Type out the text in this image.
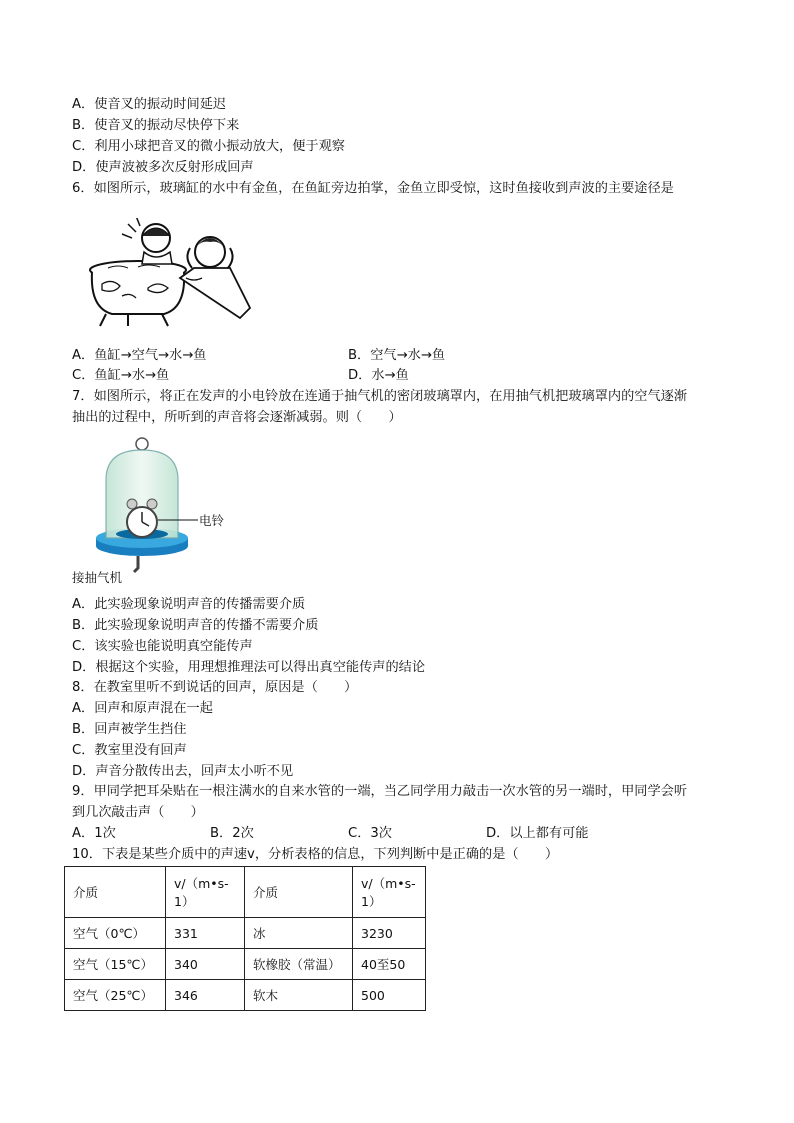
A．使音叉的振动时间延迟
B．使音叉的振动尽快停下来
C．利用小球把音叉的微小振动放大，便于观察
D．使声波被多次反射形成回声
6．如图所示，玻璃缸的水中有金鱼，在鱼缸旁边拍掌，金鱼立即受惊，这时鱼接收到声波的主要途径是
A．鱼缸→空气→水→鱼	B．空气→水→鱼
C．鱼缸→水→鱼	D．水→鱼
7．如图所示，将正在发声的小电铃放在连通于抽气机的密闭玻璃罩内，在用抽气机把玻璃罩内的空气逐渐
抽出的过程中，所听到的声音将会逐渐减弱。则（　　）
电铃
接抽气机
A．此实验现象说明声音的传播需要介质
B．此实验现象说明声音的传播不需要介质
C．该实验也能说明真空能传声
D．根据这个实验，用理想推理法可以得出真空能传声的结论
8．在教室里听不到说话的回声，原因是（　　）
A．回声和原声混在一起
B．回声被学生挡住
C．教室里没有回声
D．声音分散传出去，回声太小听不见
9．甲同学把耳朵贴在一根注满水的自来水管的一端，当乙同学用力敲击一次水管的另一端时，甲同学会听
到几次敲击声（　　）
A．1次	B．2次	C．3次	D．以上都有可能
10．下表是某些介质中的声速v，分析表格的信息，下列判断中是正确的是（　　）
介质	v/（m•s-1）	介质	v/（m•s-1）
空气（0℃）	331	冰	3230
空气（15℃）	340	软橡胶（常温）	40至50
空气（25℃）	346	软木	500
